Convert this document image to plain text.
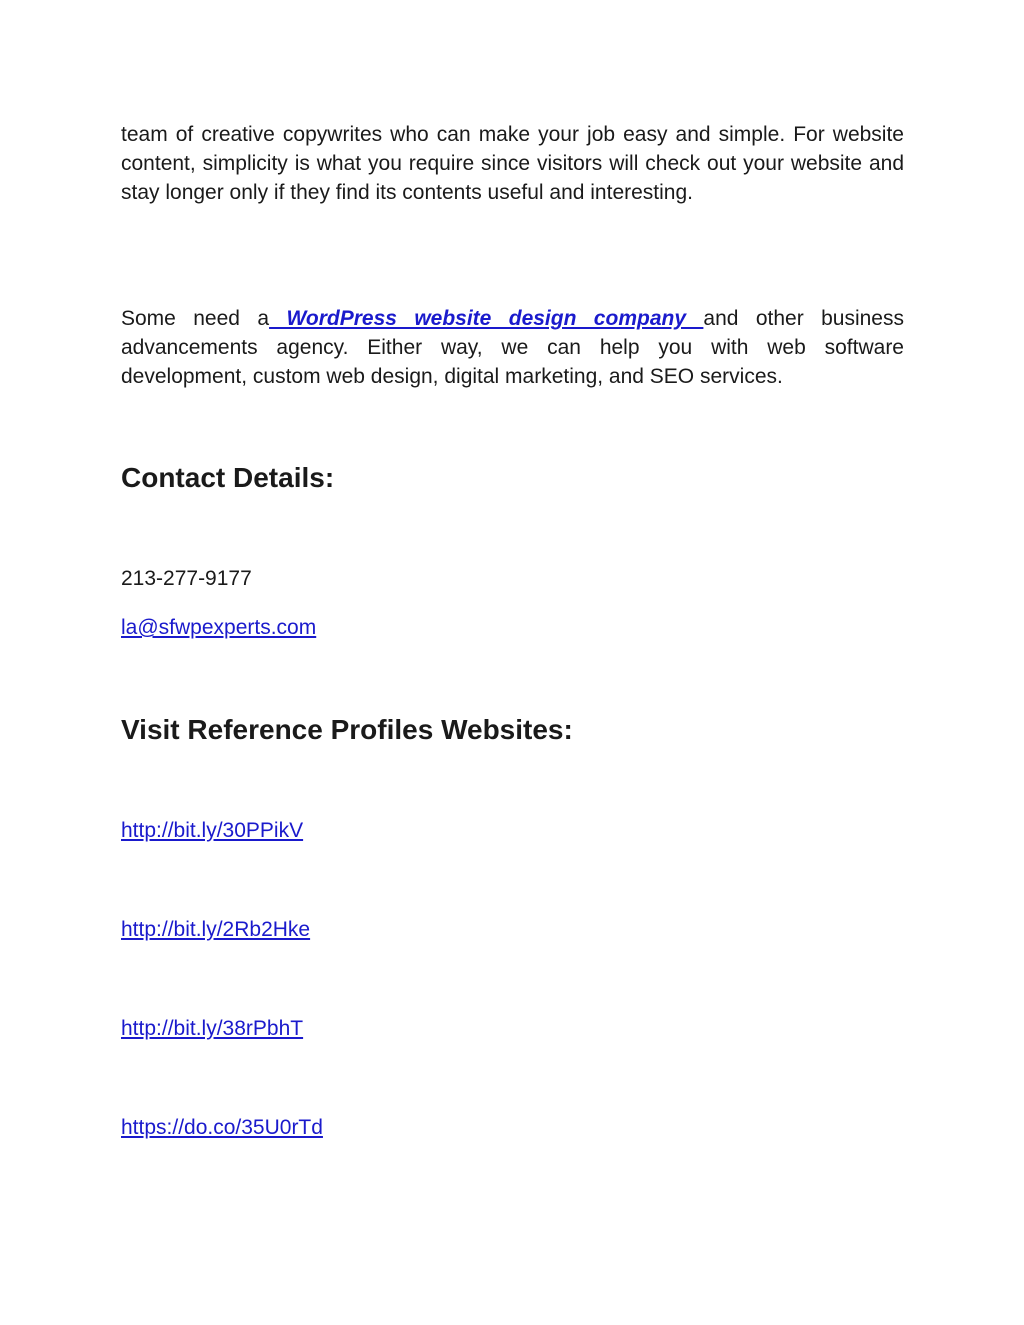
team of creative copywrites who can make your job easy and simple. For website content, simplicity is what you require since visitors will check out your website and stay longer only if they find its contents useful and interesting.

Some need a WordPress website design company and other business advancements agency. Either way, we can help you with web software development, custom web design, digital marketing, and SEO services.

Contact Details:
213-277-9177
la@sfwpexperts.com
Visit Reference Profiles Websites:
http://bit.ly/30PPikV
http://bit.ly/2Rb2Hke
http://bit.ly/38rPbhT
https://do.co/35U0rTd
